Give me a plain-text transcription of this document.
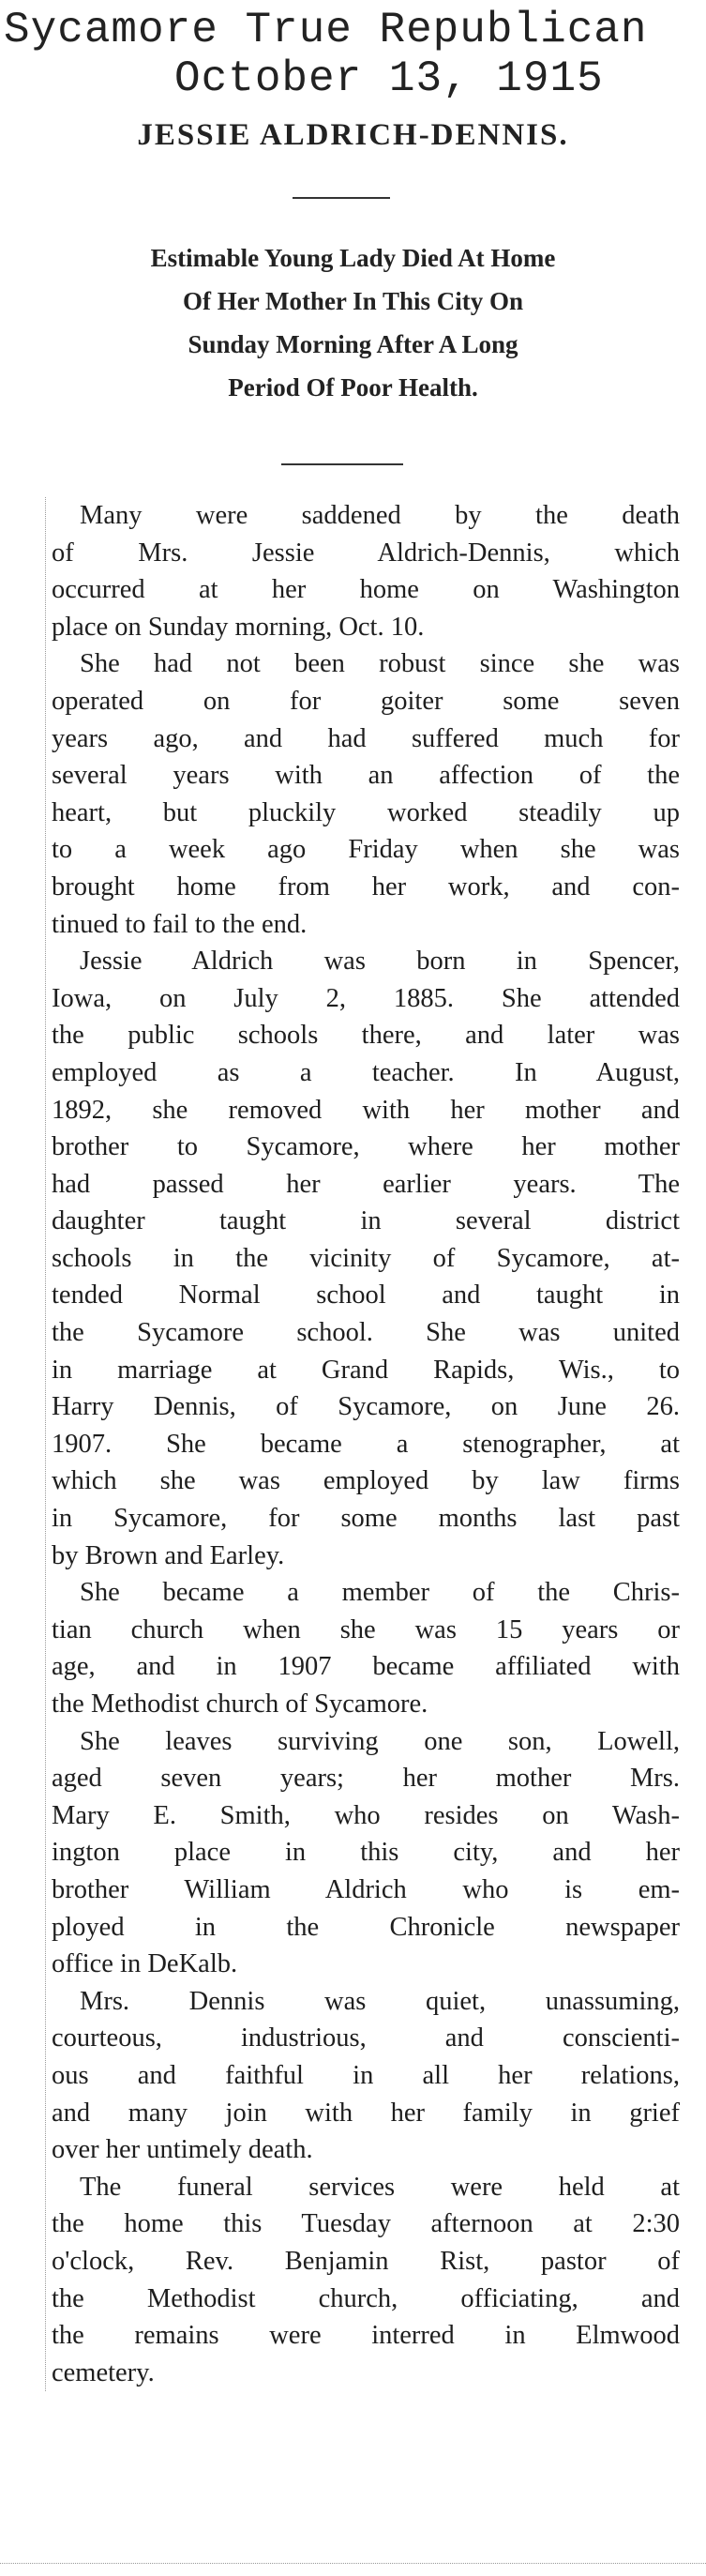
Sycamore True Republican
October 13, 1915
JESSIE ALDRICH-DENNIS.
Estimable Young Lady Died At Home
Of Her Mother In This City On
Sunday Morning After A Long
Period Of Poor Health.
Many were saddened by the death
of Mrs. Jessie Aldrich-Dennis, which
occurred at her home on Washington
place on Sunday morning, Oct. 10.
She had not been robust since she was
operated on for goiter some seven
years ago, and had suffered much for
several years with an affection of the
heart, but pluckily worked steadily up
to a week ago Friday when she was
brought home from her work, and con-
tinued to fail to the end.
Jessie Aldrich was born in Spencer,
Iowa, on July 2, 1885. She attended
the public schools there, and later was
employed as a teacher. In August,
1892, she removed with her mother and
brother to Sycamore, where her mother
had passed her earlier years. The
daughter taught in several district
schools in the vicinity of Sycamore, at-
tended Normal school and taught in
the Sycamore school. She was united
in marriage at Grand Rapids, Wis., to
Harry Dennis, of Sycamore, on June 26.
1907. She became a stenographer, at
which she was employed by law firms
in Sycamore, for some months last past
by Brown and Earley.
She became a member of the Chris-
tian church when she was 15 years or
age, and in 1907 became affiliated with
the Methodist church of Sycamore.
She leaves surviving one son, Lowell,
aged seven years; her mother Mrs.
Mary E. Smith, who resides on Wash-
ington place in this city, and her
brother William Aldrich who is em-
ployed in the Chronicle newspaper
office in DeKalb.
Mrs. Dennis was quiet, unassuming,
courteous, industrious, and conscienti-
ous and faithful in all her relations,
and many join with her family in grief
over her untimely death.
The funeral services were held at
the home this Tuesday afternoon at 2:30
o'clock, Rev. Benjamin Rist, pastor of
the Methodist church, officiating, and
the remains were interred in Elmwood
cemetery.
